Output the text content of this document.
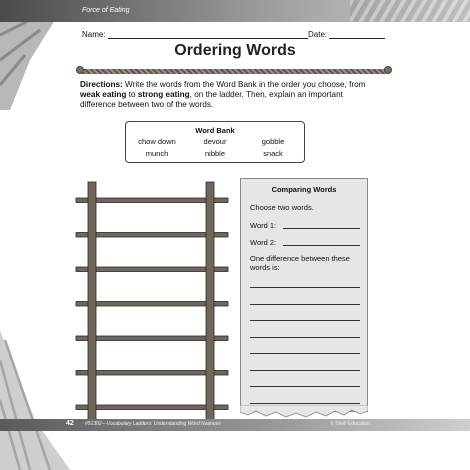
Force of Eating
Name:	Date:
Ordering Words
Directions: Write the words from the Word Bank in the order you choose, from weak eating to strong eating, on the ladder. Then, explain an important difference between two of the words.
Word Bank
chow down	devour	gobble
munch	nibble	snack
Comparing Words
Choose two words.
Word 1:
Word 2:
One difference between these
words is:
42 #51302—Vocabulary Ladders: Understanding Word Nuances	© Shell Education
